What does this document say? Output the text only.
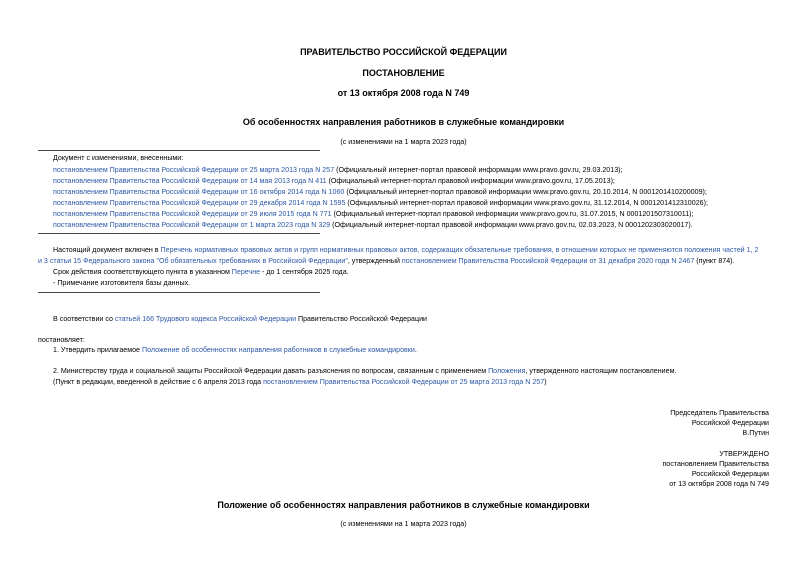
ПРАВИТЕЛЬСТВО РОССИЙСКОЙ ФЕДЕРАЦИИ
ПОСТАНОВЛЕНИЕ
от 13 октября 2008 года N 749
Об особенностях направления работников в служебные командировки
(с изменениями на 1 марта 2023 года)
Документ с изменениями, внесенными:
постановлением Правительства Российской Федерации от 25 марта 2013 года N 257 (Официальный интернет-портал правовой информации www.pravo.gov.ru, 29.03.2013);
постановлением Правительства Российской Федерации от 14 мая 2013 года N 411 (Официальный интернет-портал правовой информации www.pravo.gov.ru, 17.05.2013);
постановлением Правительства Российской Федерации от 16 октября 2014 года N 1060 (Официальный интернет-портал правовой информации www.pravo.gov.ru, 20.10.2014, N 0001201410200009);
постановлением Правительства Российской Федерации от 29 декабря 2014 года N 1595 (Официальный интернет-портал правовой информации www.pravo.gov.ru, 31.12.2014, N 0001201412310026);
постановлением Правительства Российской Федерации от 29 июля 2015 года N 771 (Официальный интернет-портал правовой информации www.pravo.gov.ru, 31.07.2015, N 0001201507310011);
постановлением Правительства Российской Федерации от 1 марта 2023 года N 329 (Официальный интернет-портал правовой информации www.pravo.gov.ru, 02.03.2023, N 0001202303020017).
Настоящий документ включен в Перечень нормативных правовых актов и групп нормативных правовых актов, содержащих обязательные требования, в отношении которых не применяются положения частей 1, 2
и 3 статьи 15 Федерального закона "Об обязательных требованиях в Российской Федерации", утвержденный постановлением Правительства Российской Федерации от 31 декабря 2020 года N 2467 (пункт 874).
Срок действия соответствующего пункта в указанном Перечне - до 1 сентября 2025 года.
- Примечание изготовителя базы данных.
В соответствии со статьей 166 Трудового кодекса Российской Федерации Правительство Российской Федерации
постановляет:
1. Утвердить прилагаемое Положение об особенностях направления работников в служебные командировки.
2. Министерству труда и социальной защиты Российской Федерации давать разъяснения по вопросам, связанным с применением Положения, утвержденного настоящим постановлением.
(Пункт в редакции, введенной в действие с 6 апреля 2013 года постановлением Правительства Российской Федерации от 25 марта 2013 года N 257)
Председатель Правительства
Российской Федерации
В.Путин
УТВЕРЖДЕНО
постановлением Правительства
Российской Федерации
от 13 октября 2008 года N 749
Положение об особенностях направления работников в служебные командировки
(с изменениями на 1 марта 2023 года)
